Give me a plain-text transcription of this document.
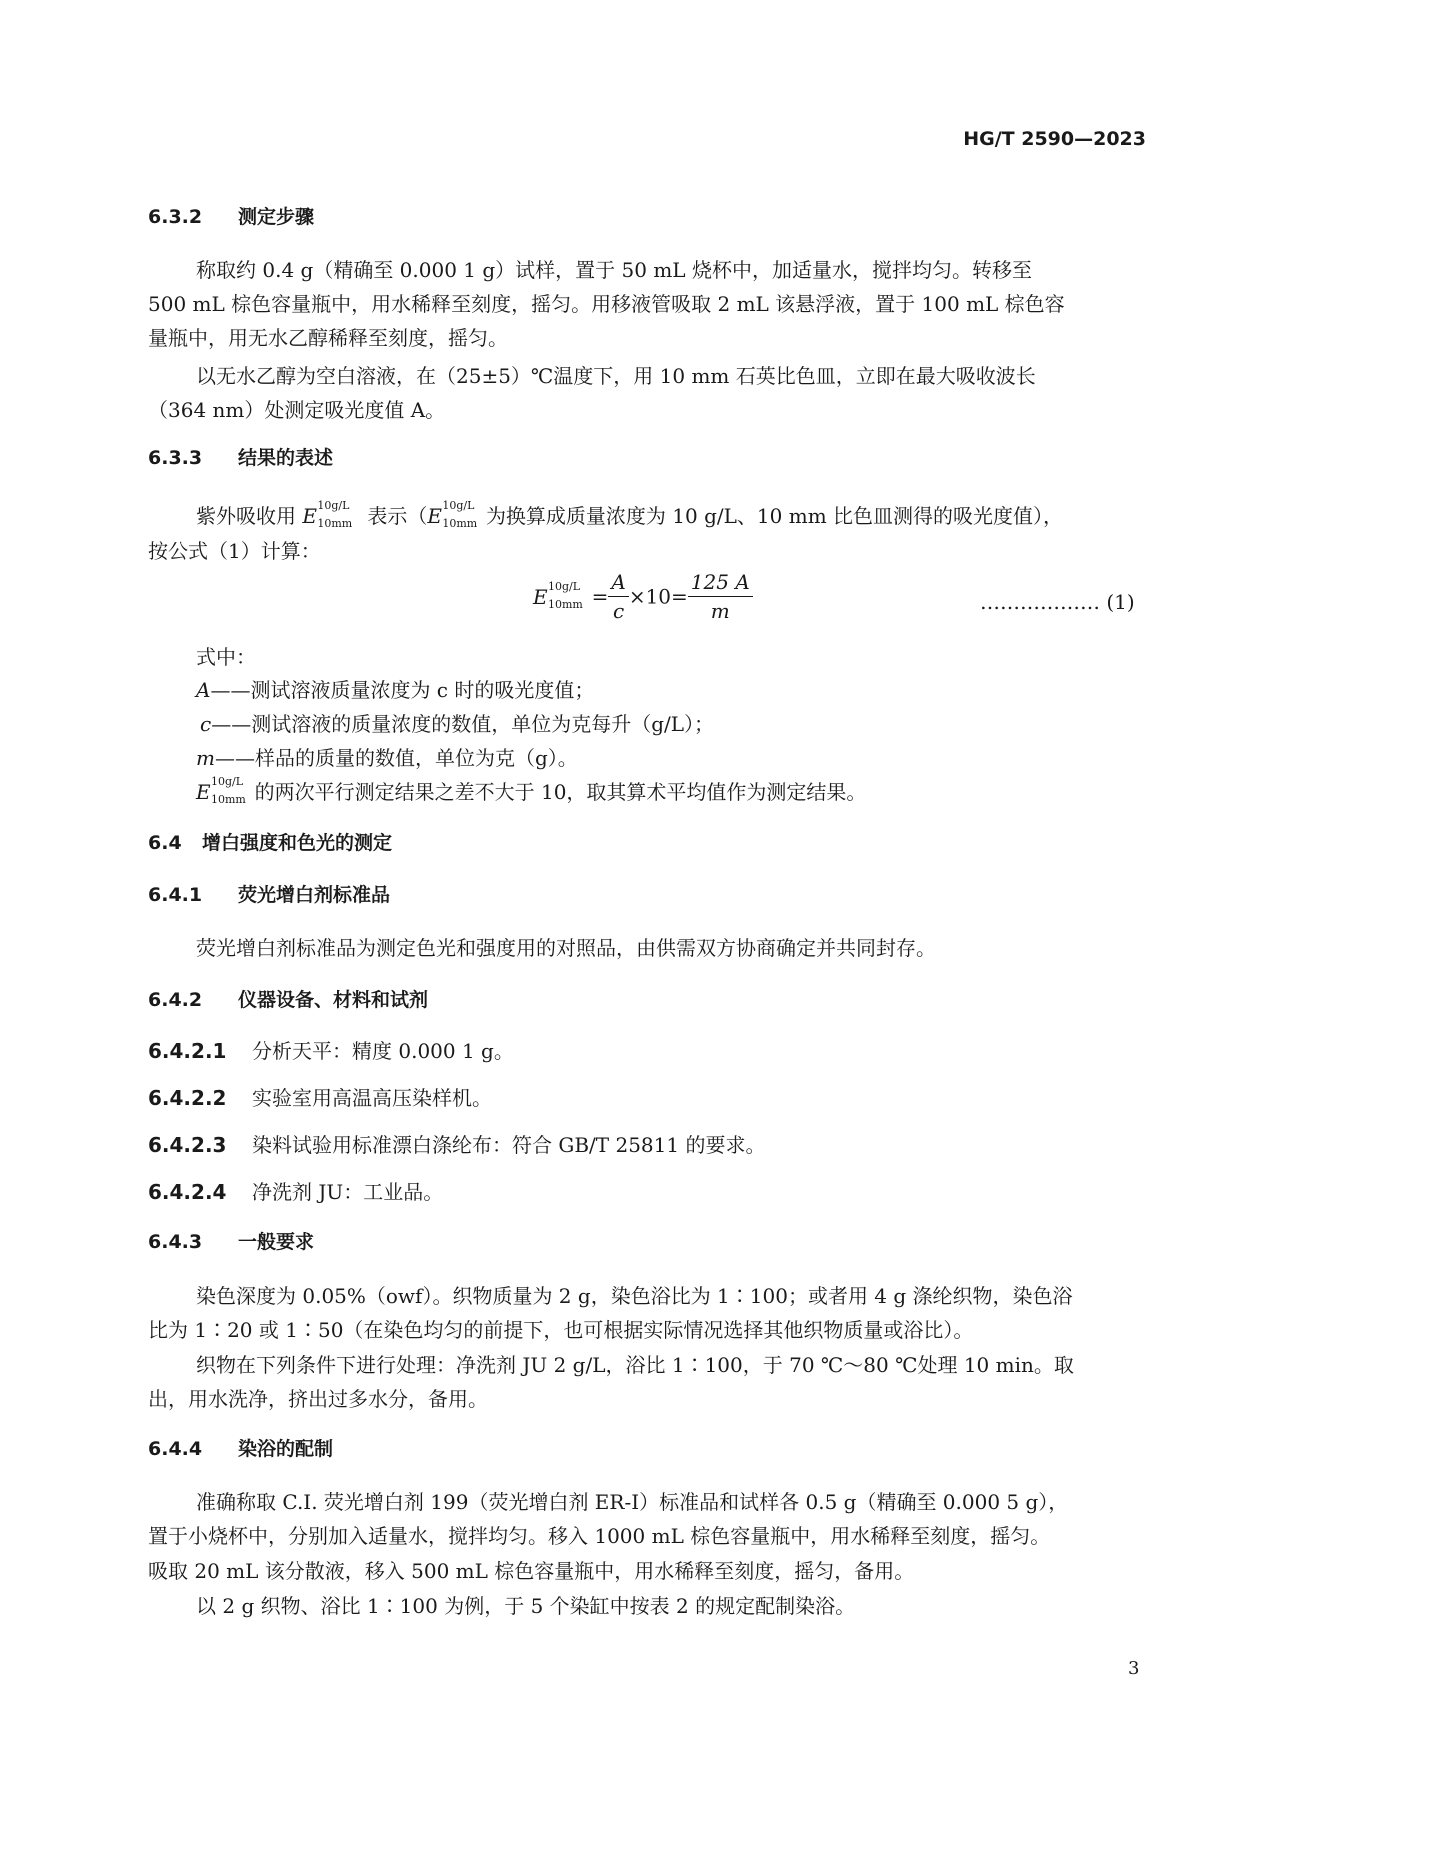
HG/T 2590—2023
6.3.2 测定步骤
称取约 0.4 g（精确至 0.000 1 g）试样，置于 50 mL 烧杯中，加适量水，搅拌均匀。转移至
500 mL 棕色容量瓶中，用水稀释至刻度，摇匀。用移液管吸取 2 mL 该悬浮液，置于 100 mL 棕色容
量瓶中，用无水乙醇稀释至刻度，摇匀。
以无水乙醇为空白溶液，在（25±5）℃温度下，用 10 mm 石英比色皿，立即在最大吸收波长
（364 nm）处测定吸光度值 A。
6.3.3 结果的表述
紫外吸收用 E 10g/L
10mm 表示（E 10g/L
10mm 为换算成质量浓度为 10 g/L、10 mm 比色皿测得的吸光度值），
按公式（1）计算：
E 10g/L
$10mm = \frac{A}{c} \times 10= \frac{125 A}{m}$	……………… (1)
式中：
A——测试溶液质量浓度为 c 时的吸光度值；
c——测试溶液的质量浓度的数值，单位为克每升（g/L）；
m——样品的质量的数值，单位为克（g）。
E 10g/L
10mm 的两次平行测定结果之差不大于 10，取其算术平均值作为测定结果。
6.4 增白强度和色光的测定
6.4.1 荧光增白剂标准品
荧光增白剂标准品为测定色光和强度用的对照品，由供需双方协商确定并共同封存。
6.4.2 仪器设备、材料和试剂
6.4.2.1 分析天平：精度 0.000 1 g。
6.4.2.2 实验室用高温高压染样机。
6.4.2.3 染料试验用标准漂白涤纶布：符合 GB/T 25811 的要求。
6.4.2.4 净洗剂 JU：工业品。
6.4.3 一般要求
染色深度为 0.05%（owf）。织物质量为 2 g，染色浴比为 1∶100；或者用 4 g 涤纶织物，染色浴
比为 1∶20 或 1∶50（在染色均匀的前提下，也可根据实际情况选择其他织物质量或浴比）。
织物在下列条件下进行处理：净洗剂 JU 2 g/L，浴比 1∶100，于 70 ℃～80 ℃处理 10 min。取
出，用水洗净，挤出过多水分，备用。
6.4.4 染浴的配制
准确称取 C.I. 荧光增白剂 199（荧光增白剂 ER-Ⅰ）标准品和试样各 0.5 g（精确至 0.000 5 g），
置于小烧杯中，分别加入适量水，搅拌均匀。移入 1000 mL 棕色容量瓶中，用水稀释至刻度，摇匀。
吸取 20 mL 该分散液，移入 500 mL 棕色容量瓶中，用水稀释至刻度，摇匀，备用。
以 2 g 织物、浴比 1∶100 为例，于 5 个染缸中按表 2 的规定配制染浴。
3
